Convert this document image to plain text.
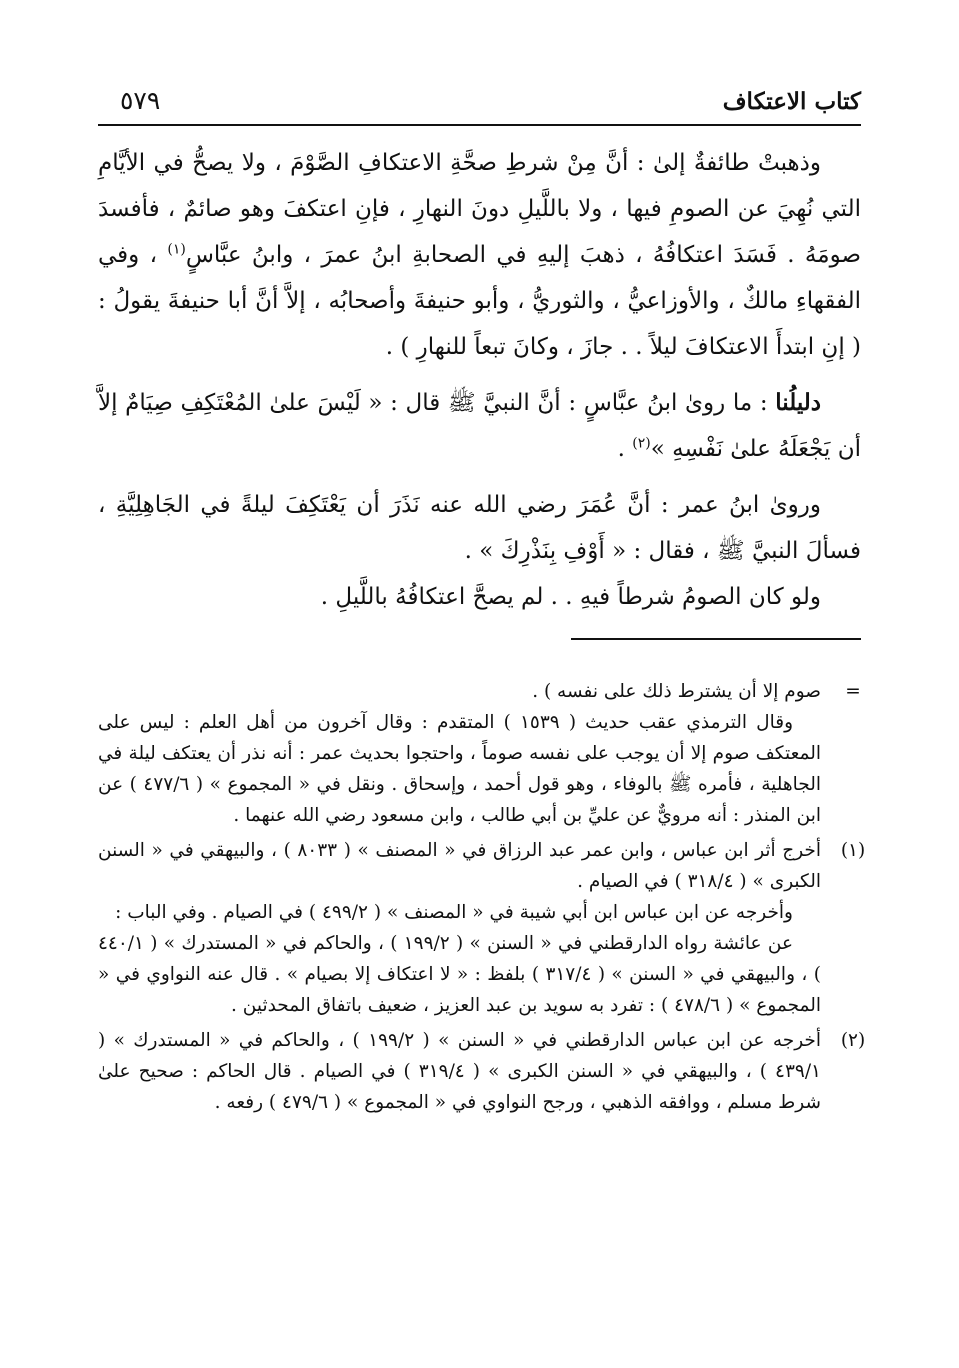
كتاب الاعتكاف
٥٧٩

وذهبتْ طائفةٌ إلىٰ : أنَّ مِنْ شرطِ صحَّةِ الاعتكافِ الصَّوْمَ ، ولا يصحُّ في الأيَّامِ التي نُهِيَ عن الصومِ فيها ، ولا باللَّيلِ دونَ النهارِ ، فإنِ اعتكفَ وهو صائمٌ ، فأفسدَ صومَهُ . فَسَدَ اعتكافُهُ ، ذهبَ إليهِ في الصحابةِ ابنُ عمرَ ، وابنُ عبَّاسٍ$^{(١)}$ ، وفي الفقهاءِ مالكٌ ، والأوزاعيُّ ، والثوريُّ ، وأبو حنيفةَ وأصحابُه ، إلاَّ أنَّ أبا حنيفةَ يقولُ : ( إنِ ابتدأَ الاعتكافَ ليلاً . . جازَ ، وكانَ تبعاً للنهارِ ) .

دليلُنا : ما رویٰ ابنُ عبَّاسٍ : أنَّ النبيَّ ﷺ قال : « لَيْسَ علىٰ المُعْتَكِفِ صِيَامٌ إلاَّ أن يَجْعَلَهُ علىٰ نَفْسِهِ »$^{(٢)}$ .

ورویٰ ابنُ عمر : أنَّ عُمَرَ رضي الله عنه نَذَرَ أن يَعْتَكِفَ ليلةً في الجَاهِلِيَّةِ ، فسألَ النبيَّ ﷺ ، فقال : « أَوْفِ بِنَذْرِكَ » .

ولو كان الصومُ شرطاً فيهِ . . لم يصحَّ اعتكافُهُ باللَّيلِ .

=

صوم إلا أن يشترط ذلك على نفسه ) .

وقال الترمذي عقب حديث ( ١٥٣٩ ) المتقدم : وقال آخرون من أهل العلم : ليس على المعتكف صوم إلا أن يوجب على نفسه صوماً ، واحتجوا بحديث عمر : أنه نذر أن يعتكف ليلة في الجاهلية ، فأمره ﷺ بالوفاء ، وهو قول أحمد ، وإسحاق . ونقل في « المجموع » ( ٤٧٧/٦ ) عن ابن المنذر : أنه مرويٌّ عن عليِّ بن أبي طالب ، وابن مسعود رضي الله عنهما .

(١)

أخرج أثر ابن عباس ، وابن عمر عبد الرزاق في « المصنف » ( ٨٠٣٣ ) ، والبيهقي في « السنن الكبرى » ( ٣١٨/٤ ) في الصيام .

وأخرجه عن ابن عباس ابن أبي شيبة في « المصنف » ( ٤٩٩/٢ ) في الصيام . وفي الباب :

عن عائشة رواه الدارقطني في « السنن » ( ١٩٩/٢ ) ، والحاكم في « المستدرك » ( ٤٤٠/١ ) ، والبيهقي في « السنن » ( ٣١٧/٤ ) بلفظ : « لا اعتكاف إلا بصيام » . قال عنه النواوي في « المجموع » ( ٤٧٨/٦ ) : تفرد به سويد بن عبد العزيز ، ضعيف باتفاق المحدثين .

(٢)

أخرجه عن ابن عباس الدارقطني في « السنن » ( ١٩٩/٢ ) ، والحاكم في « المستدرك » ( ٤٣٩/١ ) ، والبيهقي في « السنن الكبرى » ( ٣١٩/٤ ) في الصيام . قال الحاكم : صحيح علىٰ شرط مسلم ، ووافقه الذهبي ، ورجح النواوي في « المجموع » ( ٤٧٩/٦ ) رفعه .
